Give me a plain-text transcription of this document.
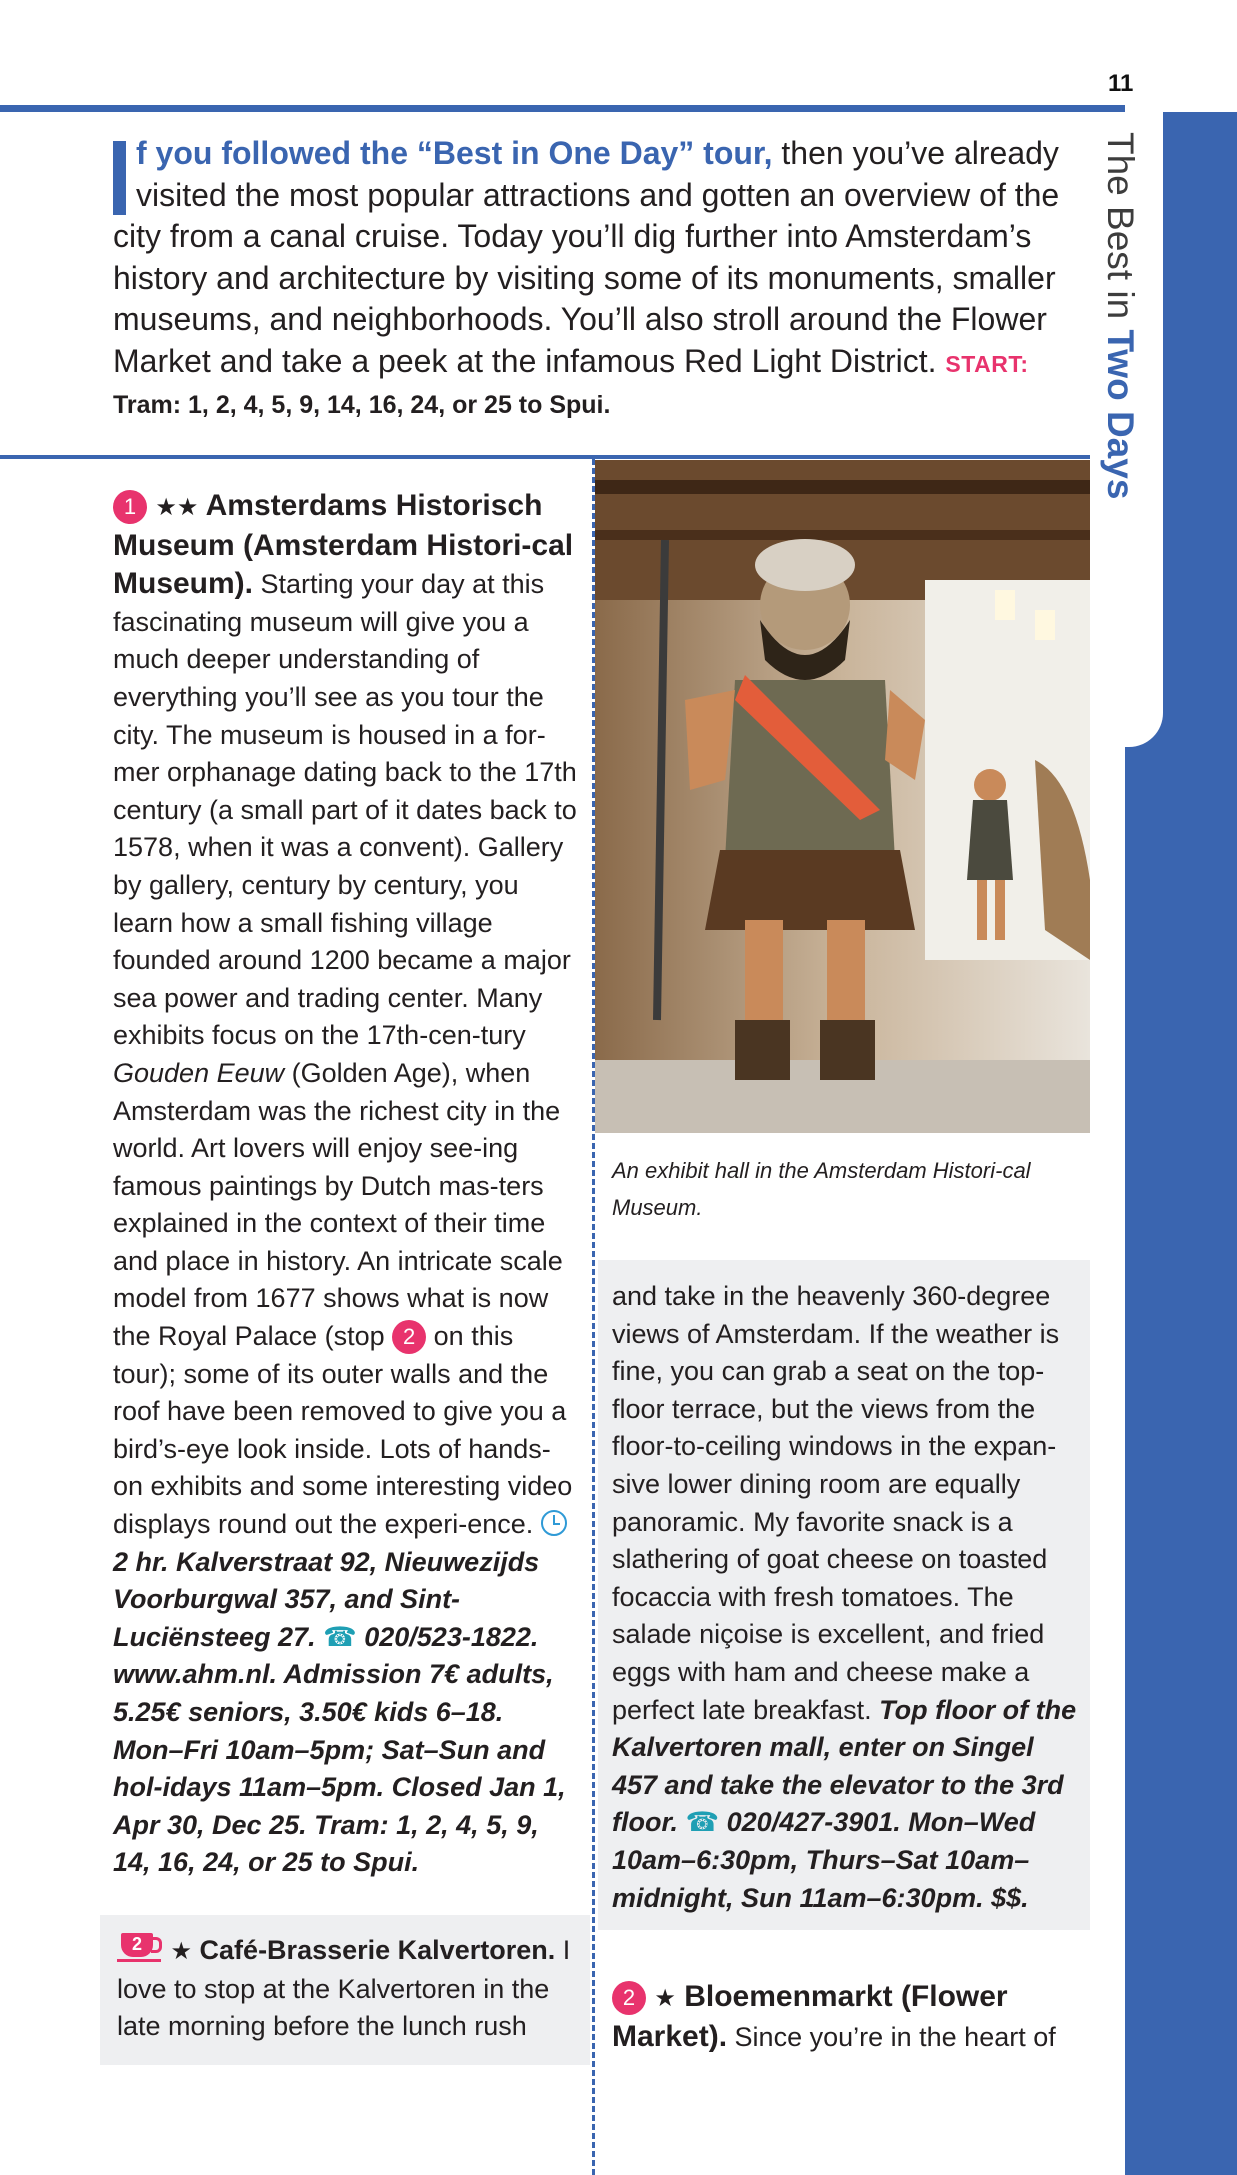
11
The Best in Two Days
f you followed the “Best in One Day” tour, then you’ve already visited the most popular attractions and gotten an overview of the city from a canal cruise. Today you’ll dig further into Amsterdam’s history and architecture by visiting some of its monuments, smaller museums, and neighborhoods. You’ll also stroll around the Flower Market and take a peek at the infamous Red Light District. START:
Tram: 1, 2, 4, 5, 9, 14, 16, 24, or 25 to Spui.
1 ★★ Amsterdams Historisch Museum (Amsterdam Histori-cal Museum). Starting your day at this fascinating museum will give you a much deeper understanding of everything you’ll see as you tour the city. The museum is housed in a for-mer orphanage dating back to the 17th century (a small part of it dates back to 1578, when it was a convent). Gallery by gallery, century by century, you learn how a small fishing village founded around 1200 became a major sea power and trading center. Many exhibits focus on the 17th-cen-tury Gouden Eeuw (Golden Age), when Amsterdam was the richest city in the world. Art lovers will enjoy see-ing famous paintings by Dutch mas-ters explained in the context of their time and place in history. An intricate scale model from 1677 shows what is now the Royal Palace (stop 2 on this tour); some of its outer walls and the roof have been removed to give you a bird’s-eye look inside. Lots of hands-on exhibits and some interesting video displays round out the experi-ence.  2 hr. Kalverstraat 92, Nieuwezijds Voorburgwal 357, and Sint-Luciënsteeg 27. ☎ 020/523-1822. www.ahm.nl. Admission 7€ adults, 5.25€ seniors, 3.50€ kids 6–18. Mon–Fri 10am–5pm; Sat–Sun and hol-idays 11am–5pm. Closed Jan 1, Apr 30, Dec 25. Tram: 1, 2, 4, 5, 9, 14, 16, 24, or 25 to Spui.
An exhibit hall in the Amsterdam Histori-cal Museum.
and take in the heavenly 360-degree views of Amsterdam. If the weather is fine, you can grab a seat on the top-floor terrace, but the views from the floor-to-ceiling windows in the expan-sive lower dining room are equally panoramic. My favorite snack is a slathering of goat cheese on toasted focaccia with fresh tomatoes. The salade niçoise is excellent, and fried eggs with ham and cheese make a perfect late breakfast. Top floor of the Kalvertoren mall, enter on Singel 457 and take the elevator to the 3rd floor. ☎ 020/427-3901. Mon–Wed 10am–6:30pm, Thurs–Sat 10am–midnight, Sun 11am–6:30pm. $$.
2	★ Café-Brasserie Kalvertoren. I love to stop at the Kalvertoren in the late morning before the lunch rush
2 ★ Bloemenmarkt (Flower Market). Since you’re in the heart of
